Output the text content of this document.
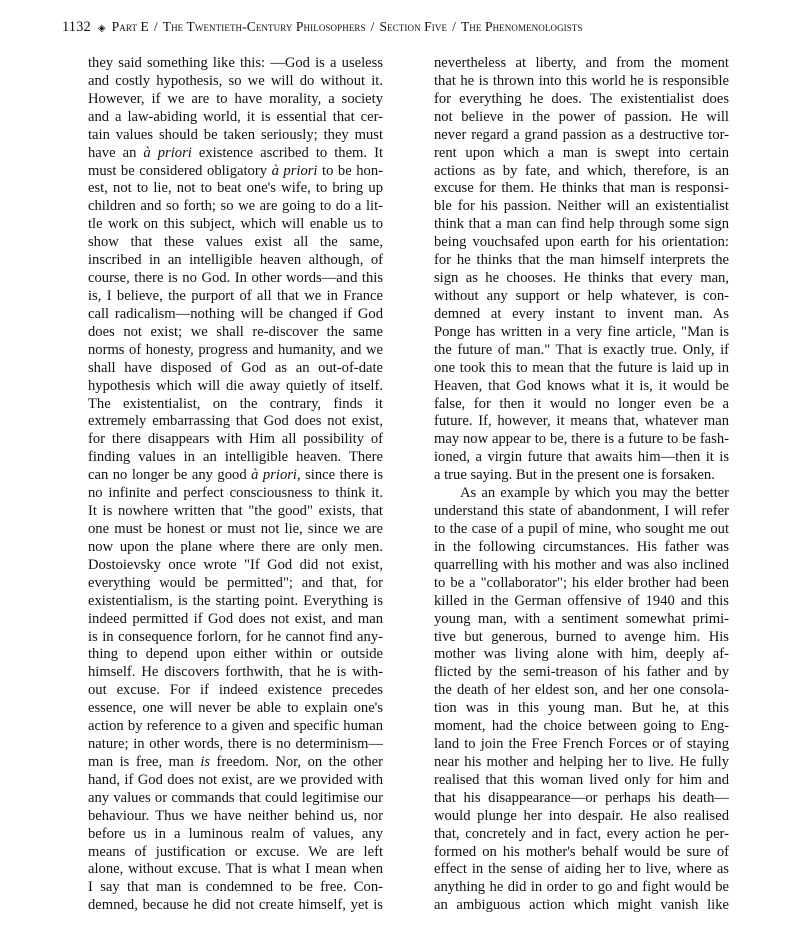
1132 ◈ Part E / The Twentieth-Century Philosophers / Section Five / The Phenomenologists
they said something like this: —God is a useless
and costly hypothesis, so we will do without it.
However, if we are to have morality, a society
and a law-abiding world, it is essential that cer-
tain values should be taken seriously; they must
have an à priori existence ascribed to them. It
must be considered obligatory à priori to be hon-
est, not to lie, not to beat one's wife, to bring up
children and so forth; so we are going to do a lit-
tle work on this subject, which will enable us to
show that these values exist all the same,
inscribed in an intelligible heaven although, of
course, there is no God. In other words—and this
is, I believe, the purport of all that we in France
call radicalism—nothing will be changed if God
does not exist; we shall re-discover the same
norms of honesty, progress and humanity, and we
shall have disposed of God as an out-of-date
hypothesis which will die away quietly of itself.
The existentialist, on the contrary, finds it
extremely embarrassing that God does not exist,
for there disappears with Him all possibility of
finding values in an intelligible heaven. There
can no longer be any good à priori, since there is
no infinite and perfect consciousness to think it.
It is nowhere written that "the good" exists, that
one must be honest or must not lie, since we are
now upon the plane where there are only men.
Dostoievsky once wrote "If God did not exist,
everything would be permitted"; and that, for
existentialism, is the starting point. Everything is
indeed permitted if God does not exist, and man
is in consequence forlorn, for he cannot find any-
thing to depend upon either within or outside
himself. He discovers forthwith, that he is with-
out excuse. For if indeed existence precedes
essence, one will never be able to explain one's
action by reference to a given and specific human
nature; in other words, there is no determinism—
man is free, man is freedom. Nor, on the other
hand, if God does not exist, are we provided with
any values or commands that could legitimise our
behaviour. Thus we have neither behind us, nor
before us in a luminous realm of values, any
means of justification or excuse. We are left
alone, without excuse. That is what I mean when
I say that man is condemned to be free. Con-
demned, because he did not create himself, yet is
nevertheless at liberty, and from the moment
that he is thrown into this world he is responsible
for everything he does. The existentialist does
not believe in the power of passion. He will
never regard a grand passion as a destructive tor-
rent upon which a man is swept into certain
actions as by fate, and which, therefore, is an
excuse for them. He thinks that man is responsi-
ble for his passion. Neither will an existentialist
think that a man can find help through some sign
being vouchsafed upon earth for his orientation:
for he thinks that the man himself interprets the
sign as he chooses. He thinks that every man,
without any support or help whatever, is con-
demned at every instant to invent man. As
Ponge has written in a very fine article, "Man is
the future of man." That is exactly true. Only, if
one took this to mean that the future is laid up in
Heaven, that God knows what it is, it would be
false, for then it would no longer even be a
future. If, however, it means that, whatever man
may now appear to be, there is a future to be fash-
ioned, a virgin future that awaits him—then it is
a true saying. But in the present one is forsaken.
As an example by which you may the better
understand this state of abandonment, I will refer
to the case of a pupil of mine, who sought me out
in the following circumstances. His father was
quarrelling with his mother and was also inclined
to be a "collaborator"; his elder brother had been
killed in the German offensive of 1940 and this
young man, with a sentiment somewhat primi-
tive but generous, burned to avenge him. His
mother was living alone with him, deeply af-
flicted by the semi-treason of his father and by
the death of her eldest son, and her one consola-
tion was in this young man. But he, at this
moment, had the choice between going to Eng-
land to join the Free French Forces or of staying
near his mother and helping her to live. He fully
realised that this woman lived only for him and
that his disappearance—or perhaps his death—
would plunge her into despair. He also realised
that, concretely and in fact, every action he per-
formed on his mother's behalf would be sure of
effect in the sense of aiding her to live, where as
anything he did in order to go and fight would be
an ambiguous action which might vanish like
